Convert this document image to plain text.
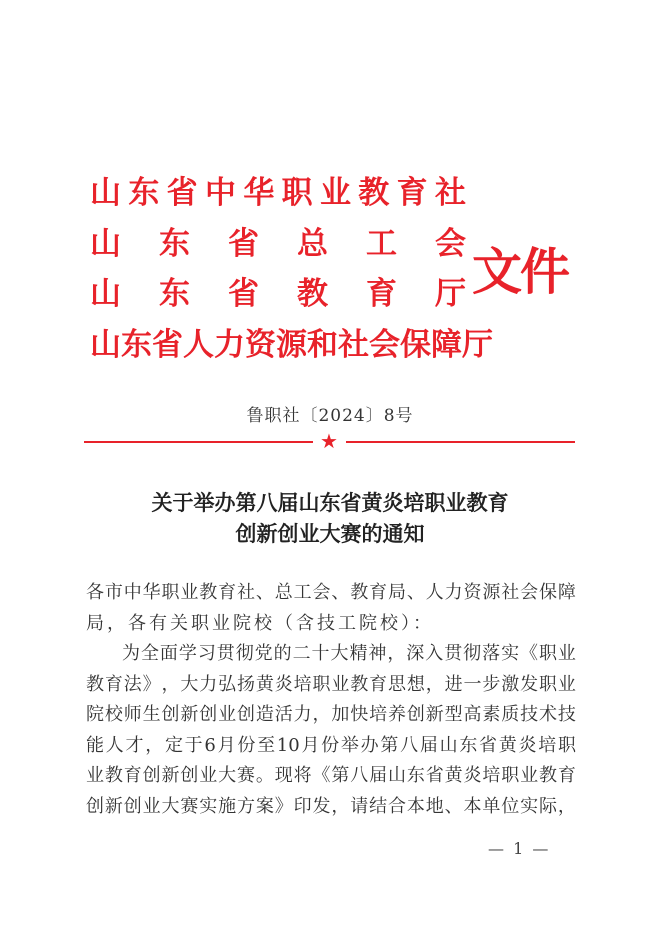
山 东 省 中 华 职 业 教 育 社
山 东 省 总 工 会
山 东 省 教 育 厅
山 东 省 人 力 资 源 和 社 会 保 障 厅
文件
鲁职社〔2024〕8号
★
关于举办第八届山东省黄炎培职业教育
创新创业大赛的通知
各 市 中 华 职 业 教 育 社 、 总 工 会 、 教 育 局 、 人 力 资 源 社 会 保 障
局，各有关职业院校（含技工院校）：
为 全 面 学 习 贯 彻 党 的 二 十 大 精 神 ， 深 入 贯 彻 落 实 《 职 业
教 育 法 》 ， 大 力 弘 扬 黄 炎 培 职 业 教 育 思 想 ， 进 一 步 激 发 职 业
院 校 师 生 创 新 创 业 创 造 活 力 ， 加 快 培 养 创 新 型 高 素 质 技 术 技
能 人 才 ， 定 于 6 月 份 至 10 月 份 举 办 第 八 届 山 东 省 黄 炎 培 职
业 教 育 创 新 创 业 大 赛 。 现 将 《 第 八 届 山 东 省 黄 炎 培 职 业 教 育
创 新 创 业 大 赛 实 施 方 案 》 印 发 ， 请 结 合 本 地 、 本 单 位 实 际 ，
— 1 —
